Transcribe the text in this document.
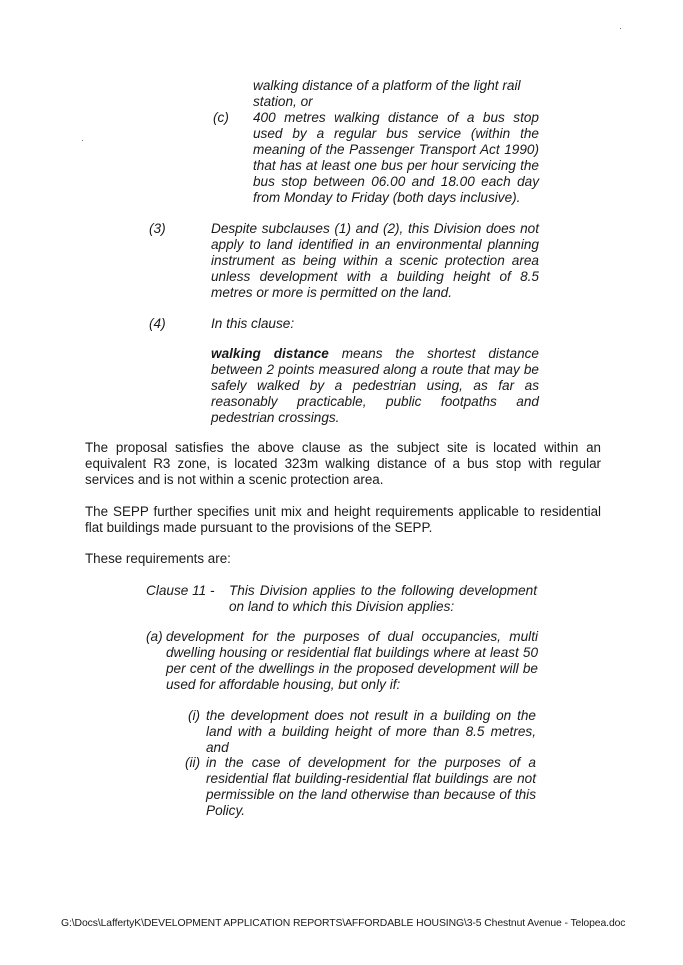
walking distance of a platform of the light rail
station, or
(c) 400 metres walking distance of a bus stop used by a regular bus service (within the meaning of the Passenger Transport Act 1990) that has at least one bus per hour servicing the bus stop between 06.00 and 18.00 each day from Monday to Friday (both days inclusive).
(3)	Despite subclauses (1) and (2), this Division does not apply to land identified in an environmental planning instrument as being within a scenic protection area unless development with a building height of 8.5 metres or more is permitted on the land.
(4)	In this clause:
walking distance means the shortest distance between 2 points measured along a route that may be safely walked by a pedestrian using, as far as reasonably practicable, public footpaths and pedestrian crossings.
The proposal satisfies the above clause as the subject site is located within an equivalent R3 zone, is located 323m walking distance of a bus stop with regular services and is not within a scenic protection area.
The SEPP further specifies unit mix and height requirements applicable to residential flat buildings made pursuant to the provisions of the SEPP.
These requirements are:
Clause 11 - This Division applies to the following development on land to which this Division applies:
(a) development for the purposes of dual occupancies, multi dwelling housing or residential flat buildings where at least 50 per cent of the dwellings in the proposed development will be used for affordable housing, but only if:
(i) the development does not result in a building on the land with a building height of more than 8.5 metres, and
(ii) in the case of development for the purposes of a residential flat building-residential flat buildings are not permissible on the land otherwise than because of this Policy.
G:\Docs\LaffertyK\DEVELOPMENT APPLICATION REPORTS\AFFORDABLE HOUSING\3-5 Chestnut Avenue - Telopea.doc
